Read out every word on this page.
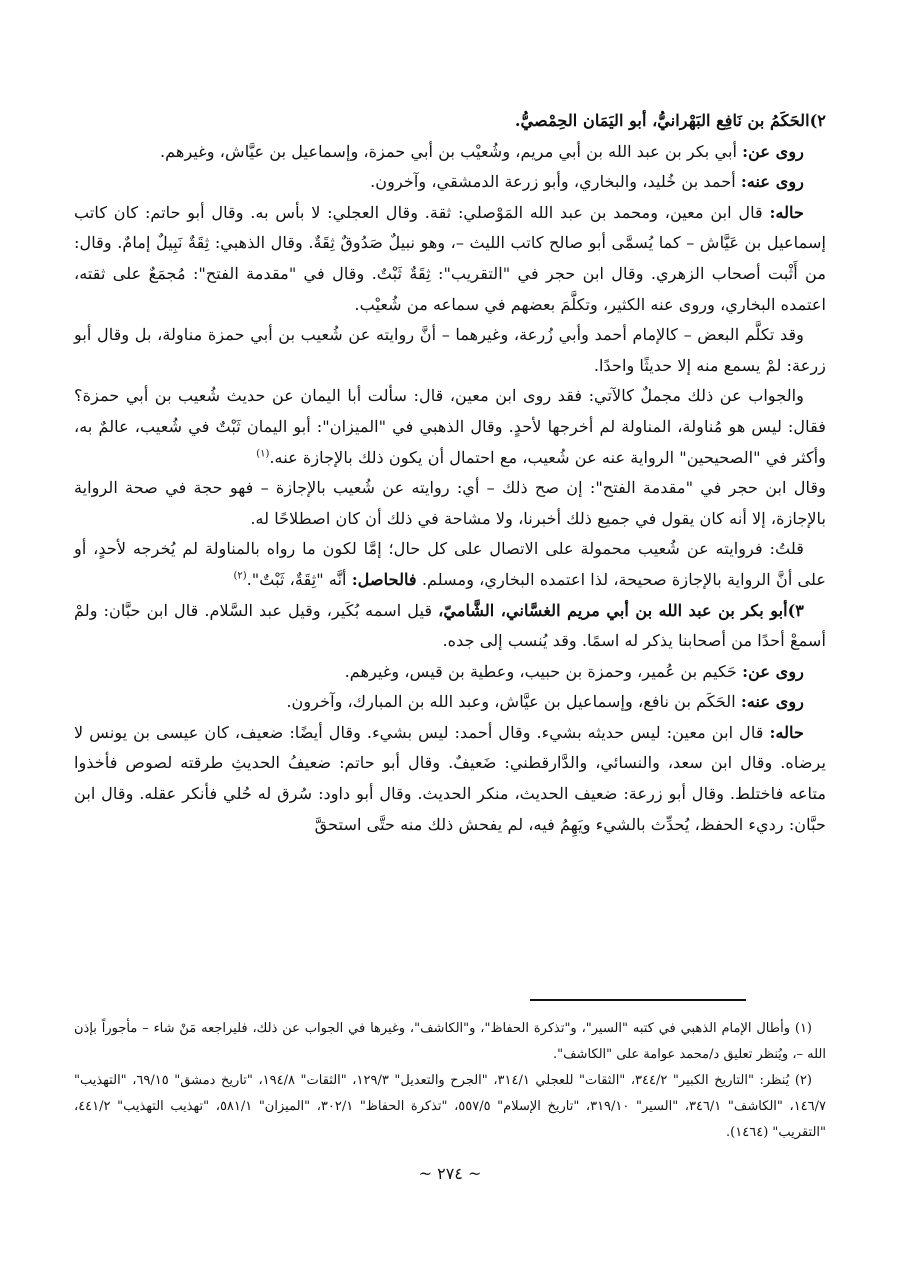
٢)الحَكَمُ بن نَافِع البَهْرانيُّ، أبو اليَمَان الحِمْصيُّ.

روى عن: أبي بكر بن عبد الله بن أبي مريم، وشُعيْب بن أبي حمزة، وإسماعيل بن عيَّاش، وغيرهم.

روى عنه: أحمد بن خُليد، والبخاري، وأبو زرعة الدمشقي، وآخرون.

حاله: قال ابن معين، ومحمد بن عبد الله المَوْصلي: ثقة. وقال العجلي: لا بأس به. وقال أبو حاتم: كان كاتب إسماعيل بن عَيَّاش – كما يُسمَّى أبو صالح كاتب الليث –، وهو نبيلٌ صَدُوقٌ ثِقَةٌ. وقال الذهبي: ثِقَةٌ نَبِيلٌ إمامٌ. وقال: من أَثْبت أصحاب الزهري. وقال ابن حجر في "التقريب": ثِقَةٌ ثَبْتٌ. وقال في "مقدمة الفتح": مُجمَعٌ على ثقته، اعتمده البخاري، وروى عنه الكثير، وتكلَّمَ بعضهم في سماعه من شُعيْب.

وقد تكلَّم البعض – كالإمام أحمد وأبي زُرعة، وغيرهما – أنَّ روايته عن شُعيب بن أبي حمزة مناولة، بل وقال أبو زرعة: لمْ يسمع منه إلا حديثًا واحدًا.

والجواب عن ذلك مجملٌ كالآتي: فقد روى ابن معين، قال: سألت أبا اليمان عن حديث شُعيب بن أبي حمزة؟ فقال: ليس هو مُناولة، المناولة لم أخرجها لأحدٍ. وقال الذهبي في "الميزان": أبو اليمان ثَبْتٌ في شُعيب، عالمٌ به، وأكثر في "الصحيحين" الرواية عنه عن شُعيب، مع احتمال أن يكون ذلك بالإجازة عنه.$^{(١)}$

وقال ابن حجر في "مقدمة الفتح": إن صح ذلك – أي: روايته عن شُعيب بالإجازة – فهو حجة في صحة الرواية بالإجازة، إلا أنه كان يقول في جميع ذلك أخبرنا، ولا مشاحة في ذلك أن كان اصطلاحًا له.

قلتُ: فروايته عن شُعيب محمولة على الاتصال على كل حال؛ إمَّا لكون ما رواه بالمناولة لم يُخرجه لأحدٍ، أو على أنَّ الرواية بالإجازة صحيحة، لذا اعتمده البخاري، ومسلم. فالحاصل: أنَّه "ثِقَةٌ، ثَبْتٌ".$^{(٢)}$

٣)أبو بكر بن عبد الله بن أبي مريم الغسَّاني، الشَّاميّ، قيل اسمه بُكَير، وقيل عبد السَّلام. قال ابن حبَّان: ولمْ أسمعْ أحدًا من أصحابنا يذكر له اسمًا. وقد يُنسب إلى جده.

روى عن: حَكيم بن عُمير، وحمزة بن حبيب، وعطية بن قيس، وغيرهم.

روى عنه: الحَكَم بن نافع، وإسماعيل بن عيَّاش، وعبد الله بن المبارك، وآخرون.

حاله: قال ابن معين: ليس حديثه بشيء. وقال أحمد: ليس بشيء. وقال أيضًا: ضعيف، كان عيسى بن يونس لا يرضاه. وقال ابن سعد، والنسائي، والدَّارقطني: ضَعيفٌ. وقال أبو حاتم: ضعيفُ الحديثِ طرقته لصوص فأخذوا متاعه فاختلط. وقال أبو زرعة: ضعيف الحديث، منكر الحديث. وقال أبو داود: سُرق له حُلي فأنكر عقله. وقال ابن حبَّان: رديء الحفظ، يُحدِّث بالشيء ويَهِمُ فيه، لم يفحش ذلك منه حتَّى استحقَّ

(١) وأطال الإمام الذهبي في كتبه "السير"، و"تذكرة الحفاظ"، و"الكاشف"، وغيرها في الجواب عن ذلك، فليراجعه مَنْ شاء – مأجوراً بإذن الله –، ويُنظر تعليق د/محمد عوامة على "الكاشف".

(٢) يُنظر: "التاريخ الكبير" ٣٤٤/٢، "الثقات" للعجلي ٣١٤/١، "الجرح والتعديل" ١٢٩/٣، "الثقات" ١٩٤/٨، "تاريخ دمشق" ٦٩/١٥، "التهذيب" ١٤٦/٧، "الكاشف" ٣٤٦/١، "السير" ٣١٩/١٠، "تاريخ الإسلام" ٥٥٧/٥، "تذكرة الحفاظ" ٣٠٢/١، "الميزان" ٥٨١/١، "تهذيب التهذيب" ٤٤١/٢، "التقريب" (١٤٦٤).

~ ٢٧٤ ~
